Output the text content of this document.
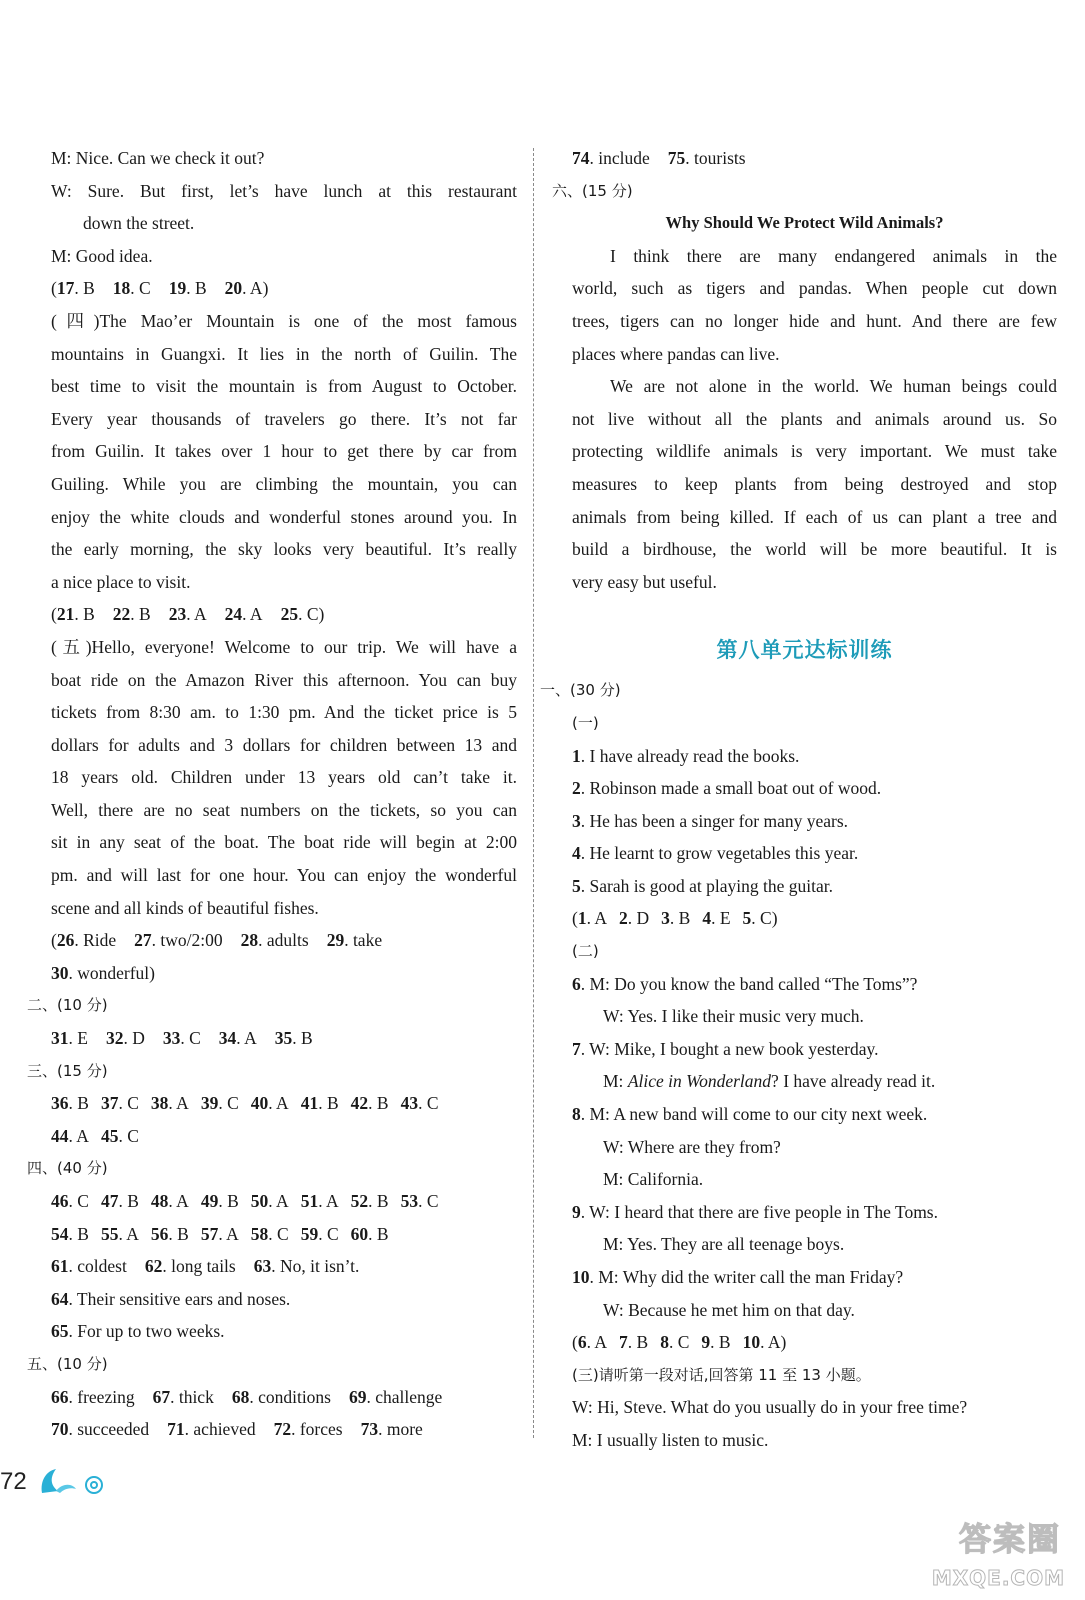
M: Nice. Can we check it out?
W: Sure. But first, let’s have lunch at this restaurant
down the street.
M: Good idea.
(17. B 18. C 19. B 20. A)
(四)The Mao’er Mountain is one of the most famous
mountains in Guangxi. It lies in the north of Guilin. The
best time to visit the mountain is from August to October.
Every year thousands of travelers go there. It’s not far
from Guilin. It takes over 1 hour to get there by car from
Guiling. While you are climbing the mountain, you can
enjoy the white clouds and wonderful stones around you. In
the early morning, the sky looks very beautiful. It’s really
a nice place to visit.
(21. B 22. B 23. A 24. A 25. C)
(五)Hello, everyone! Welcome to our trip. We will have a
boat ride on the Amazon River this afternoon. You can buy
tickets from 8:30 am. to 1:30 pm. And the ticket price is 5
dollars for adults and 3 dollars for children between 13 and
18 years old. Children under 13 years old can’t take it.
Well, there are no seat numbers on the tickets, so you can
sit in any seat of the boat. The boat ride will begin at 2:00
pm. and will last for one hour. You can enjoy the wonderful
scene and all kinds of beautiful fishes.
(26. Ride 27. two/2:00 28. adults 29. take
30. wonderful)
二、(10 分)
31. E 32. D 33. C 34. A 35. B
三、(15 分)
36. B 37. C 38. A 39. C 40. A 41. B 42. B 43. C
44. A 45. C
四、(40 分)
46. C 47. B 48. A 49. B 50. A 51. A 52. B 53. C
54. B 55. A 56. B 57. A 58. C 59. C 60. B
61. coldest 62. long tails 63. No, it isn’t.
64. Their sensitive ears and noses.
65. For up to two weeks.
五、(10 分)
66. freezing 67. thick 68. conditions 69. challenge
70. succeeded 71. achieved 72. forces 73. more
74. include 75. tourists
六、(15 分)
Why Should We Protect Wild Animals?
I think there are many endangered animals in the
world, such as tigers and pandas. When people cut down
trees, tigers can no longer hide and hunt. And there are few
places where pandas can live.
We are not alone in the world. We human beings could
not live without all the plants and animals around us. So
protecting wildlife animals is very important. We must take
measures to keep plants from being destroyed and stop
animals from being killed. If each of us can plant a tree and
build a birdhouse, the world will be more beautiful. It is
very easy but useful.
第八单元达标训练
一、(30 分)
(一)
1. I have already read the books.
2. Robinson made a small boat out of wood.
3. He has been a singer for many years.
4. He learnt to grow vegetables this year.
5. Sarah is good at playing the guitar.
(1. A 2. D 3. B 4. E 5. C)
(二)
6. M: Do you know the band called “The Toms”?
W: Yes. I like their music very much.
7. W: Mike, I bought a new book yesterday.
M: Alice in Wonderland? I have already read it.
8. M: A new band will come to our city next week.
W: Where are they from?
M: California.
9. W: I heard that there are five people in The Toms.
M: Yes. They are all teenage boys.
10. M: Why did the writer call the man Friday?
W: Because he met him on that day.
(6. A 7. B 8. C 9. B 10. A)
(三)请听第一段对话,回答第 11 至 13 小题。
W: Hi, Steve. What do you usually do in your free time?
M: I usually listen to music.
72
答案圈
MXQE.COM
